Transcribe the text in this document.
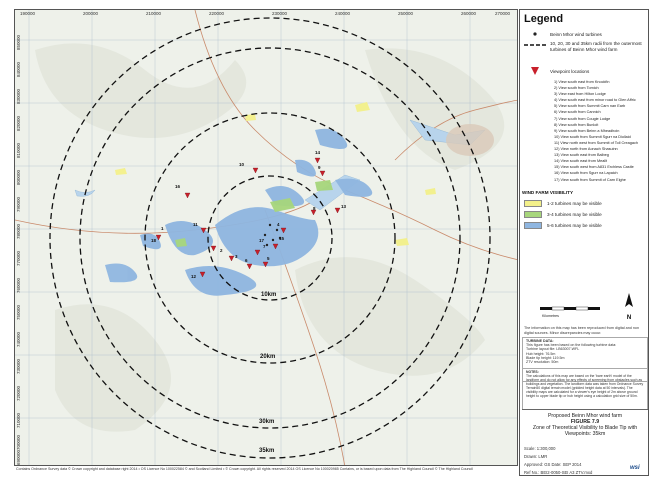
190000	200000	210000	220000	230000	240000	250000	260000	270000
850000
840000
830000
820000
810000
800000
790000
780000
770000
760000
750000
740000
730000
720000
710000
700000
690000
10km
20km
30km
35km
1
2
3
4
5
6
7
8
9
10
11
12
13
14
15
16
17
18
Contains Ordnance Survey data © Crown copyright and database right 2014 • OS Licence No 100022584 © and Scotland Limited • © Crown copyright. All rights reserved 2014 OS Licence No 100020985 Contains, or is based upon data from The Highland Council © The Highland Council
Legend
Beinn Mhor wind turbines
10, 20, 30 and 35km radii from the outermost turbines of Beinn Mhor wind farm
Viewpoint locations
1) View south east from Knockfin
2) View south from Tomich
3) View east from Hilton Lodge
4) View south east from minor road to Glen Affric
5) View south from Summit Carn nan Earb
6) View south from Cannich
7) View south from Cougie Lodge
8) View south from Bunloit
9) View south from Beinn a Mheadhoin
10) View south from Summit Sgurr na Diollaid
11) View north west from Summit of Toll Creagach
12) View north from Aonach Shasuinn
13) View south east from Balbeg
14) View south east from Meallt
15) View south west from A831 Erchless Castle
16) View south from Sgurr na Lapaich
17) View south from Summit of Carn Eighe
WIND FARM VISIBILITY
1-2 turbines may be visible
3-4 turbines may be visible
5-6 turbines may be visible
Kilometres	N
The information on this map has been reproduced from digital and non digital sources. Minor discrepancies may occur.
TURBINE DATA:
This figure has been based on the following turbine data:
Turbine layout file: LB63007.WFL
Hub height: 76.5m
Blade tip height: 119.5m
ZTV resolution: 50m
NOTES:
The calculations of this map are based on the 'bare earth' model of the landform and do not allow for any effects of screening from obstacles such as buildings and vegetation. The landform data was taken from Ordnance Survey Terrain50 digital terrain model (gridded height data at 50 intervals). The visibility maps are calculated for a viewer's eye height of 2m above ground height to upper blade tip or hub height using a calculation grid size of 50m.
Proposed Beinn Mhor wind farm
FIGURE 7.9
Zone of Theoretical Visibility to Blade Tip with Viewpoints: 35km
Scale: 1:300,000
Drawn: LMR
Approved: GS Date: SEP 2014
Ref No.: BEI2-0050-SEI A3 ZTV.mxd
wsi
